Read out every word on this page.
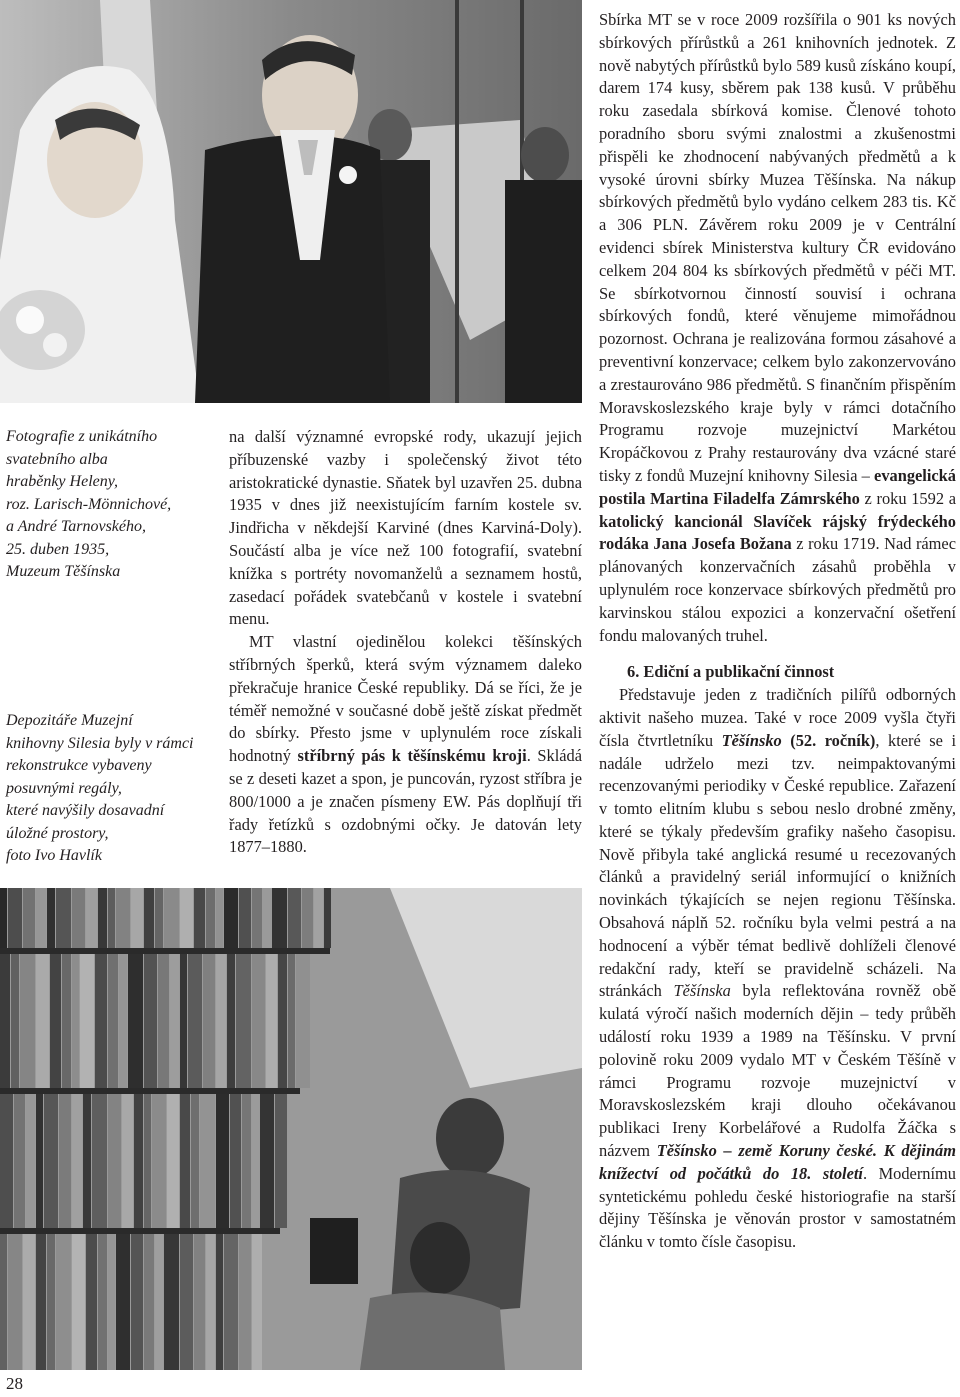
Fotografie z unikátního
svatebního alba
hraběnky Heleny,
roz. Larisch-Mönnichové,
a André Tarnovského,
25. duben 1935,
Muzeum Těšínska
Depozitáře Muzejní
knihovny Silesia byly v rámci
rekonstrukce vybaveny
posuvnými regály,
které navýšily dosavadní
úložné prostory,
foto Ivo Havlík

na další významné evropské rody, ukazují jejich příbuzenské vazby i společenský život této aristokratické dynastie. Sňatek byl uzavřen 25. dubna 1935 v dnes již neexistujícím farním kostele sv. Jindřicha v někdejší Karviné (dnes Karviná-Doly). Součástí alba je více než 100 fotografií, svatební knížka s portréty novomanželů a seznamem hostů, zasedací pořádek svatebčanů v kostele i svatební menu.

MT vlastní ojedinělou kolekci těšínských stříbrných šperků, která svým významem daleko překračuje hranice České republiky. Dá se říci, že je téměř nemožné v současné době ještě získat předmět do sbírky. Přesto jsme v uplynulém roce získali hodnotný stříbrný pás k těšínskému kroji. Skládá se z deseti kazet a spon, je puncován, ryzost stříbra je 800/1000 a je značen písmeny EW. Pás doplňují tři řady řetízků s ozdobnými očky. Je datován lety 1877–1880.

Sbírka MT se v roce 2009 rozšířila o 901 ks nových sbírkových přírůstků a 261 knihovních jednotek. Z nově nabytých přírůstků bylo 589 kusů získáno koupí, darem 174 kusy, sběrem pak 138 kusů. V průběhu roku zasedala sbírková komise. Členové tohoto poradního sboru svými znalostmi a zkušenostmi přispěli ke zhodnocení nabývaných předmětů a k vysoké úrovni sbírky Muzea Těšínska. Na nákup sbírkových předmětů bylo vydáno celkem 283 tis. Kč a 306 PLN. Závěrem roku 2009 je v Centrální evidenci sbírek Ministerstva kultury ČR evidováno celkem 204 804 ks sbírkových předmětů v péči MT. Se sbírkotvornou činností souvisí i ochrana sbírkových fondů, které věnujeme mimořádnou pozornost. Ochrana je realizována formou zásahové a preventivní konzervace; celkem bylo zakonzervováno a zrestaurováno 986 předmětů. S finančním přispěním Moravskoslezského kraje byly v rámci dotačního Programu rozvoje muzejnictví Markétou Kropáčkovou z Prahy restaurovány dva vzácné staré tisky z fondů Muzejní knihovny Silesia – evangelická postila Martina Filadelfa Zámrského z roku 1592 a katolický kancionál Slavíček rájský frýdeckého rodáka Jana Josefa Božana z roku 1719. Nad rámec plánovaných konzervačních zásahů proběhla v uplynulém roce konzervace sbírkových předmětů pro karvinskou stálou expozici a konzervační ošetření fondu malovaných truhel.

6. Ediční a publikační činnost

Představuje jeden z tradičních pilířů odborných aktivit našeho muzea. Také v roce 2009 vyšla čtyři čísla čtvrtletníku Těšínsko (52. ročník), které se i nadále udrželo mezi tzv. neimpaktovanými recenzovanými periodiky v České republice. Zařazení v tomto elitním klubu s sebou neslo drobné změny, které se týkaly především grafiky našeho časopisu. Nově přibyla také anglická resumé u recezovaných článků a pravidelný seriál informující o knižních novinkách týkajících se nejen regionu Těšínska. Obsahová náplň 52. ročníku byla velmi pestrá a na hodnocení a výběr témat bedlivě dohlíželi členové redakční rady, kteří se pravidelně scházeli. Na stránkách Těšínska byla reflektována rovněž obě kulatá výročí našich moderních dějin – tedy průběh událostí roku 1939 a 1989 na Těšínsku. V první polovině roku 2009 vydalo MT v Českém Těšíně v rámci Programu rozvoje muzejnictví v Moravskoslezském kraji dlouho očekávanou publikaci Ireny Korbelářové a Rudolfa Žáčka s názvem Těšínsko – země Koruny české. K dějinám knížectví od počátků do 18. století. Modernímu syntetickému pohledu české historiografie na starší dějiny Těšínska je věnován prostor v samostatném článku v tomto čísle časopisu.

28
